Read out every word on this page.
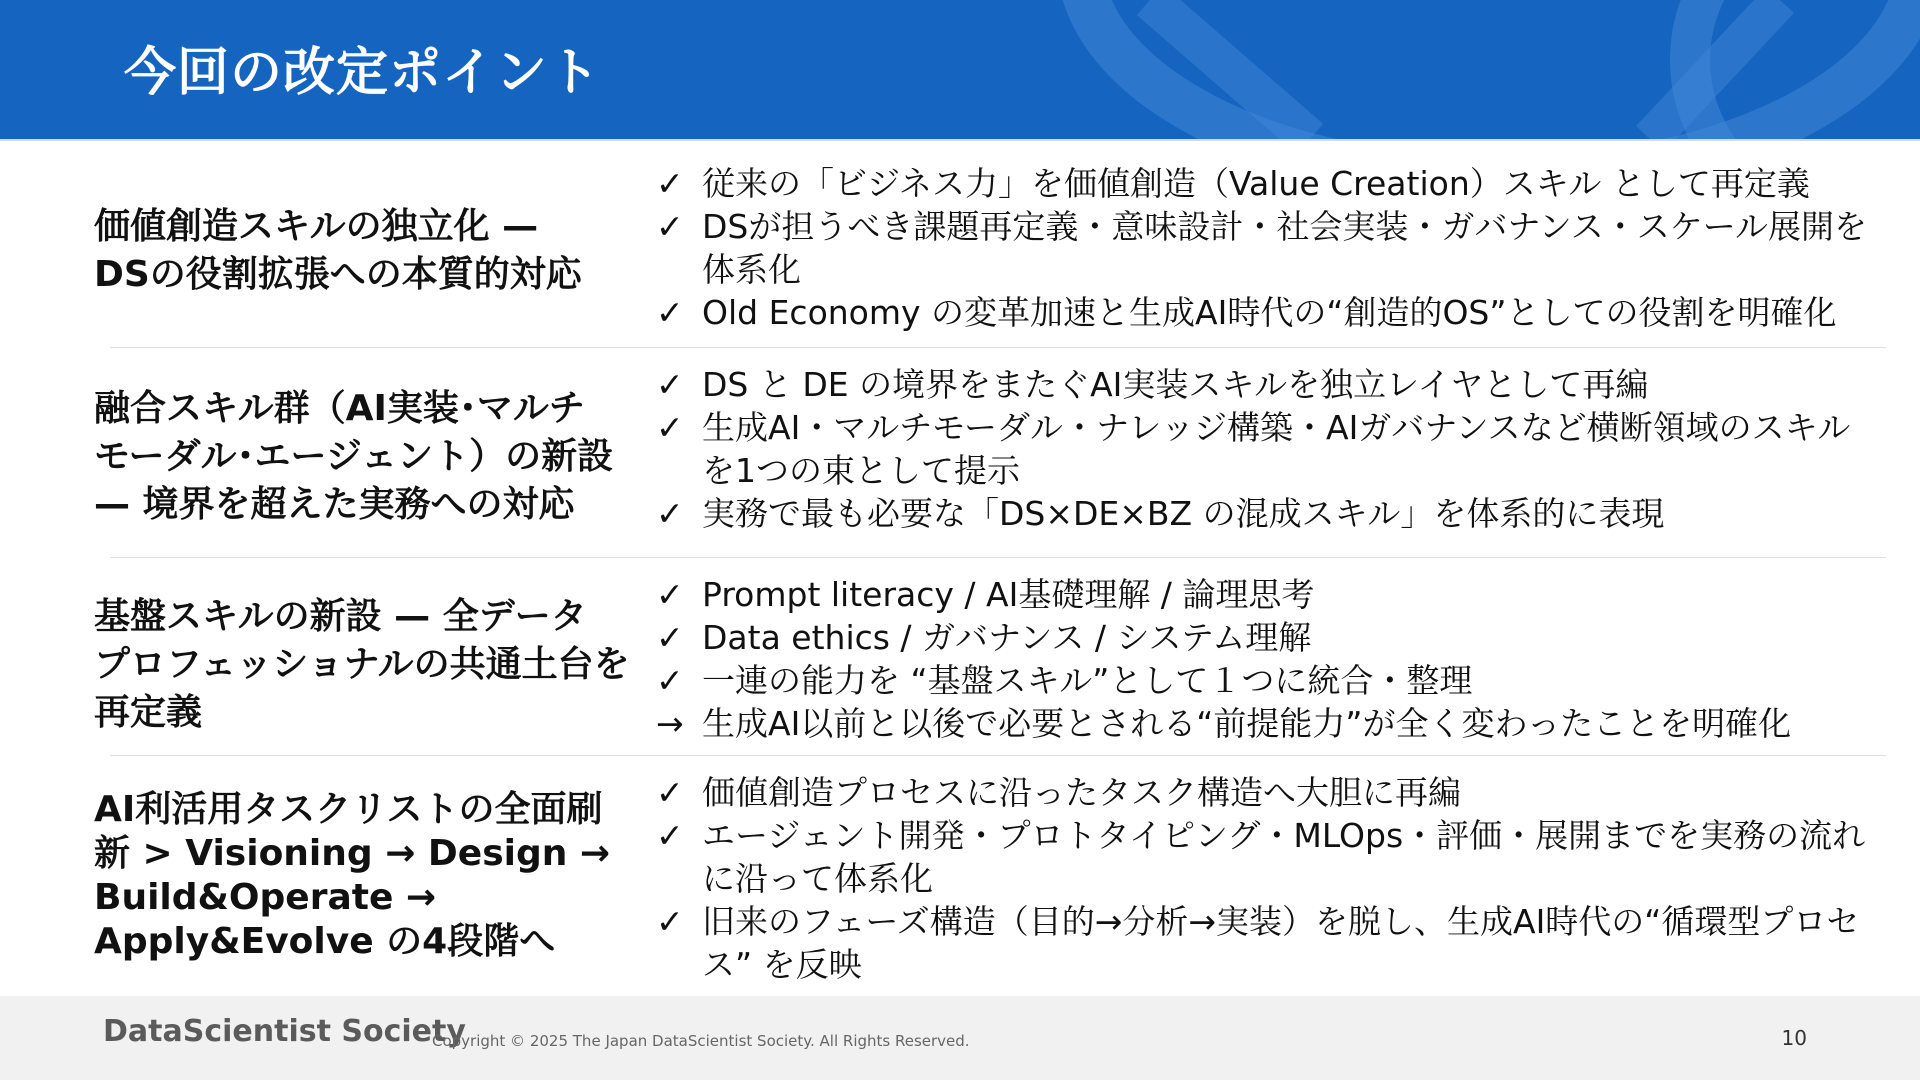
今回の改定ポイント
価値創造スキルの独立化 —
DSの役割拡張への本質的対応
✓ 従来の「ビジネス力」を価値創造（Value Creation）スキル として再定義
✓ DSが担うべき課題再定義・意味設計・社会実装・ガバナンス・スケール展開を体系化
✓ Old Economy の変革加速と生成AI時代の“創造的OS”としての役割を明確化
融合スキル群（AI実装･マルチ
モーダル･エージェント）の新設
— 境界を超えた実務への対応
✓ DS と DE の境界をまたぐAI実装スキルを独立レイヤとして再編
✓ 生成AI・マルチモーダル・ナレッジ構築・AIガバナンスなど横断領域のスキルを1つの束として提示
✓ 実務で最も必要な「DS×DE×BZ の混成スキル」を体系的に表現
基盤スキルの新設 — 全データ
プロフェッショナルの共通土台を
再定義
✓ Prompt literacy / AI基礎理解 / 論理思考
✓ Data ethics / ガバナンス / システム理解
✓ 一連の能力を “基盤スキル”として１つに統合・整理
→ 生成AI以前と以後で必要とされる“前提能力”が全く変わったことを明確化
AI利活用タスクリストの全面刷
新 > Visioning → Design →
Build&Operate →
Apply&Evolve の4段階へ
✓ 価値創造プロセスに沿ったタスク構造へ大胆に再編
✓ エージェント開発・プロトタイピング・MLOps・評価・展開までを実務の流れに沿って体系化
✓ 旧来のフェーズ構造（目的→分析→実装）を脱し、生成AI時代の“循環型プロセス” を反映
DataScientist Society
Copyright © 2025 The Japan DataScientist Society. All Rights Reserved.	10
